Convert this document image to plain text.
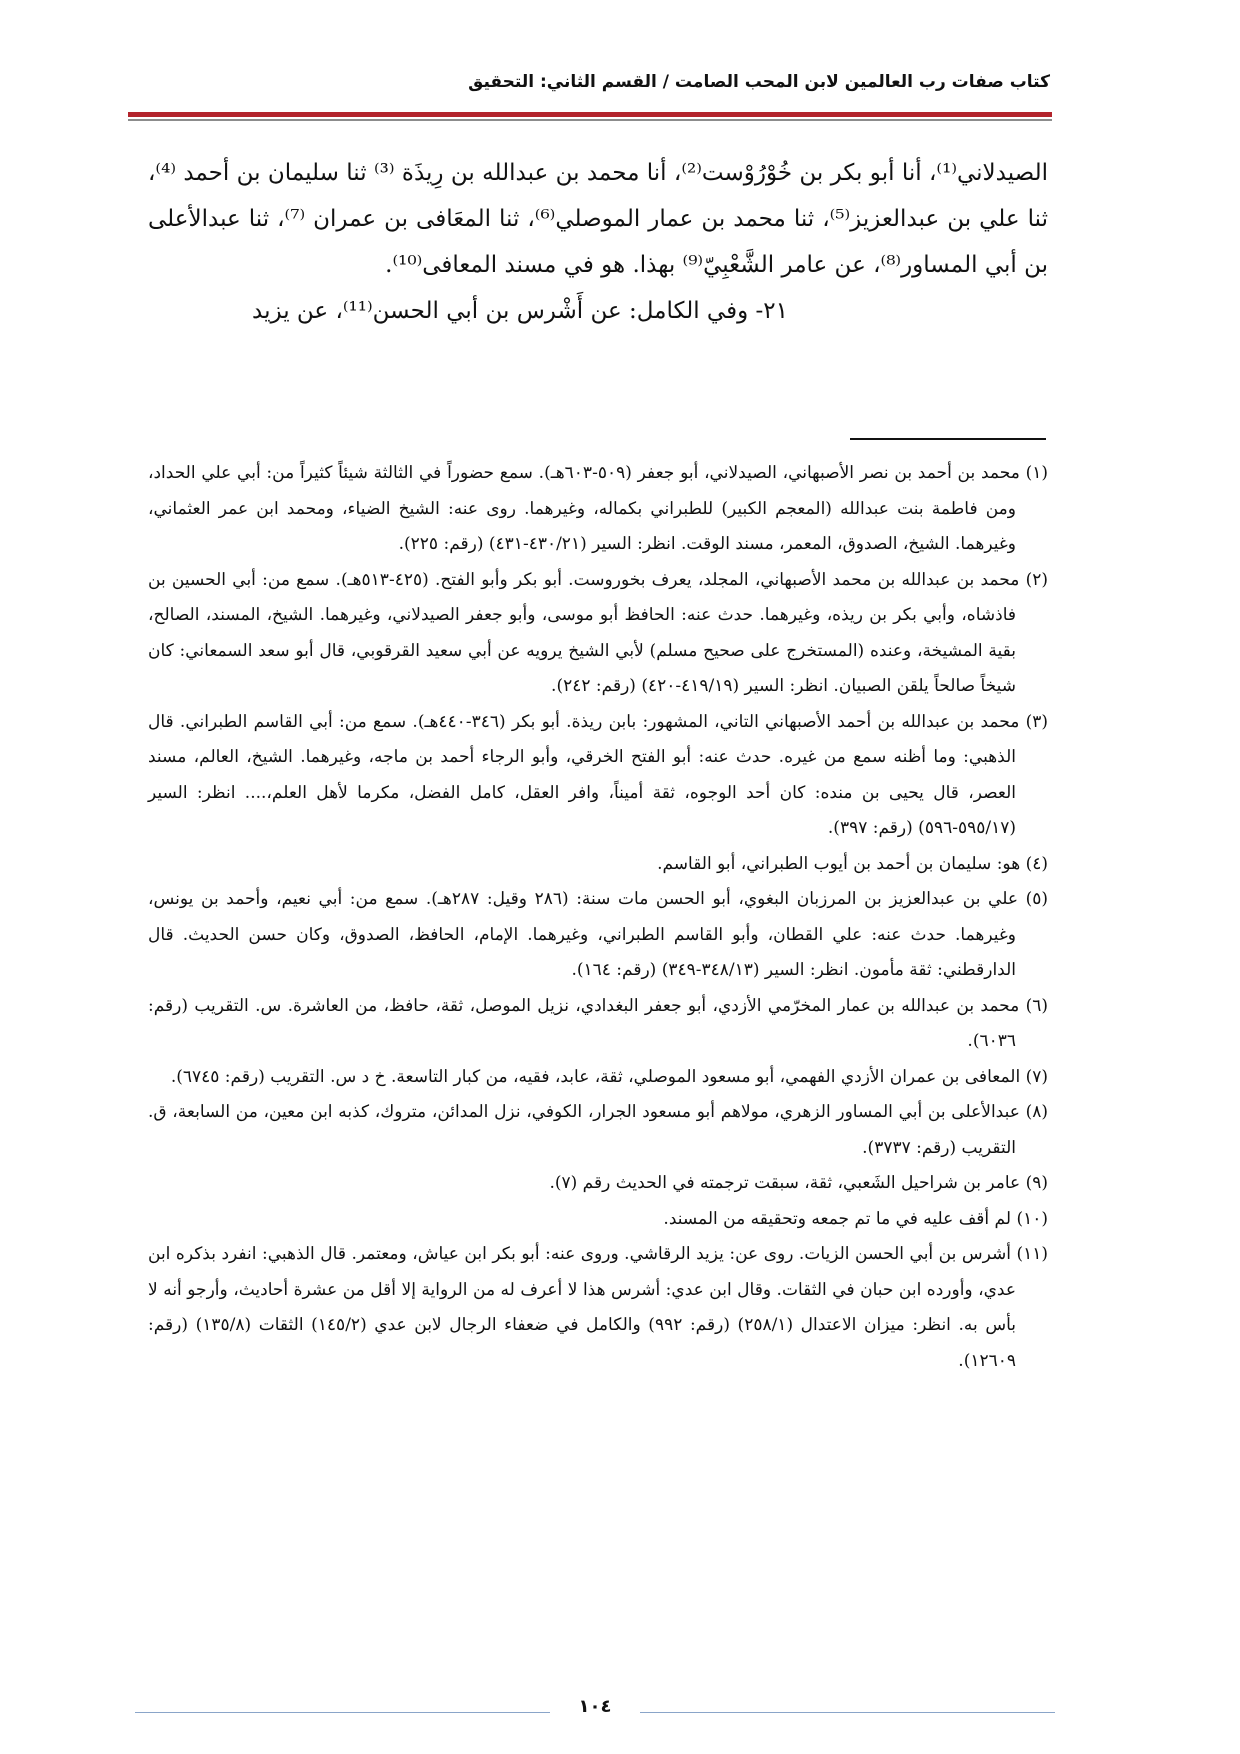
كتاب صفات رب العالمين لابن المحب الصامت / القسم الثاني: التحقيق

الصيدلاني⁽¹⁾، أنا أبو بكر بن خُوْرُوْست⁽²⁾، أنا محمد بن عبدالله بن رِيذَة ⁽³⁾ ثنا سليمان بن أحمد ⁽⁴⁾، ثنا علي بن عبدالعزيز⁽⁵⁾، ثنا محمد بن عمار الموصلي⁽⁶⁾، ثنا المعَافى بن عمران ⁽⁷⁾، ثنا عبدالأعلى بن أبي المساور⁽⁸⁾، عن عامر الشَّعْبِيّ⁽⁹⁾ بهذا. هو في مسند المعافى⁽¹⁰⁾.

٢١- وفي الكامل: عن أَشْرس بن أبي الحسن⁽¹¹⁾، عن يزيد

(١) محمد بن أحمد بن نصر الأصبهاني، الصيدلاني، أبو جعفر (٥٠٩-٦٠٣هـ). سمع حضوراً في الثالثة شيئاً كثيراً من: أبي علي الحداد، ومن فاطمة بنت عبدالله (المعجم الكبير) للطبراني بكماله، وغيرهما. روى عنه: الشيخ الضياء، ومحمد ابن عمر العثماني، وغيرهما. الشيخ، الصدوق، المعمر، مسند الوقت. انظر: السير (٤٣٠/٢١-٤٣١) (رقم: ٢٢٥).

(٢) محمد بن عبدالله بن محمد الأصبهاني، المجلد، يعرف بخوروست. أبو بكر وأبو الفتح. (٤٢٥-٥١٣هـ). سمع من: أبي الحسين بن فاذشاه، وأبي بكر بن ريذه، وغيرهما. حدث عنه: الحافظ أبو موسى، وأبو جعفر الصيدلاني، وغيرهما. الشيخ، المسند، الصالح، بقية المشيخة، وعنده (المستخرج على صحيح مسلم) لأبي الشيخ يرويه عن أبي سعيد القرقوبي، قال أبو سعد السمعاني: كان شيخاً صالحاً يلقن الصبيان. انظر: السير (٤١٩/١٩-٤٢٠) (رقم: ٢٤٢).

(٣) محمد بن عبدالله بن أحمد الأصبهاني التاني، المشهور: بابن ريذة. أبو بكر (٣٤٦-٤٤٠هـ). سمع من: أبي القاسم الطبراني. قال الذهبي: وما أظنه سمع من غيره. حدث عنه: أبو الفتح الخرقي، وأبو الرجاء أحمد بن ماجه، وغيرهما. الشيخ، العالم، مسند العصر، قال يحيى بن منده: كان أحد الوجوه، ثقة أميناً، وافر العقل، كامل الفضل، مكرما لأهل العلم،.... انظر: السير (٥٩٥/١٧-٥٩٦) (رقم: ٣٩٧).

(٤) هو: سليمان بن أحمد بن أيوب الطبراني، أبو القاسم.

(٥) علي بن عبدالعزيز بن المرزبان البغوي، أبو الحسن مات سنة: (٢٨٦ وقيل: ٢٨٧هـ). سمع من: أبي نعيم، وأحمد بن يونس، وغيرهما. حدث عنه: علي القطان، وأبو القاسم الطبراني، وغيرهما. الإمام، الحافظ، الصدوق، وكان حسن الحديث. قال الدارقطني: ثقة مأمون. انظر: السير (٣٤٨/١٣-٣٤٩) (رقم: ١٦٤).

(٦) محمد بن عبدالله بن عمار المخرّمي الأزدي، أبو جعفر البغدادي، نزيل الموصل، ثقة، حافظ، من العاشرة. س. التقريب (رقم: ٦٠٣٦).

(٧) المعافى بن عمران الأزدي الفهمي، أبو مسعود الموصلي، ثقة، عابد، فقيه، من كبار التاسعة. خ د س. التقريب (رقم: ٦٧٤٥).

(٨) عبدالأعلى بن أبي المساور الزهري، مولاهم أبو مسعود الجرار، الكوفي، نزل المدائن، متروك، كذبه ابن معين، من السابعة، ق. التقريب (رقم: ٣٧٣٧).

(٩) عامر بن شراحيل الشَعبي، ثقة، سبقت ترجمته في الحديث رقم (٧).

(١٠) لم أقف عليه في ما تم جمعه وتحقيقه من المسند.

(١١) أشرس بن أبي الحسن الزيات. روى عن: يزيد الرقاشي. وروى عنه: أبو بكر ابن عياش، ومعتمر. قال الذهبي: انفرد بذكره ابن عدي، وأورده ابن حبان في الثقات. وقال ابن عدي: أشرس هذا لا أعرف له من الرواية إلا أقل من عشرة أحاديث، وأرجو أنه لا بأس به. انظر: ميزان الاعتدال (٢٥٨/١) (رقم: ٩٩٢) والكامل في ضعفاء الرجال لابن عدي (١٤٥/٢) الثقات (١٣٥/٨) (رقم: ١٢٦٠٩).

١٠٤
